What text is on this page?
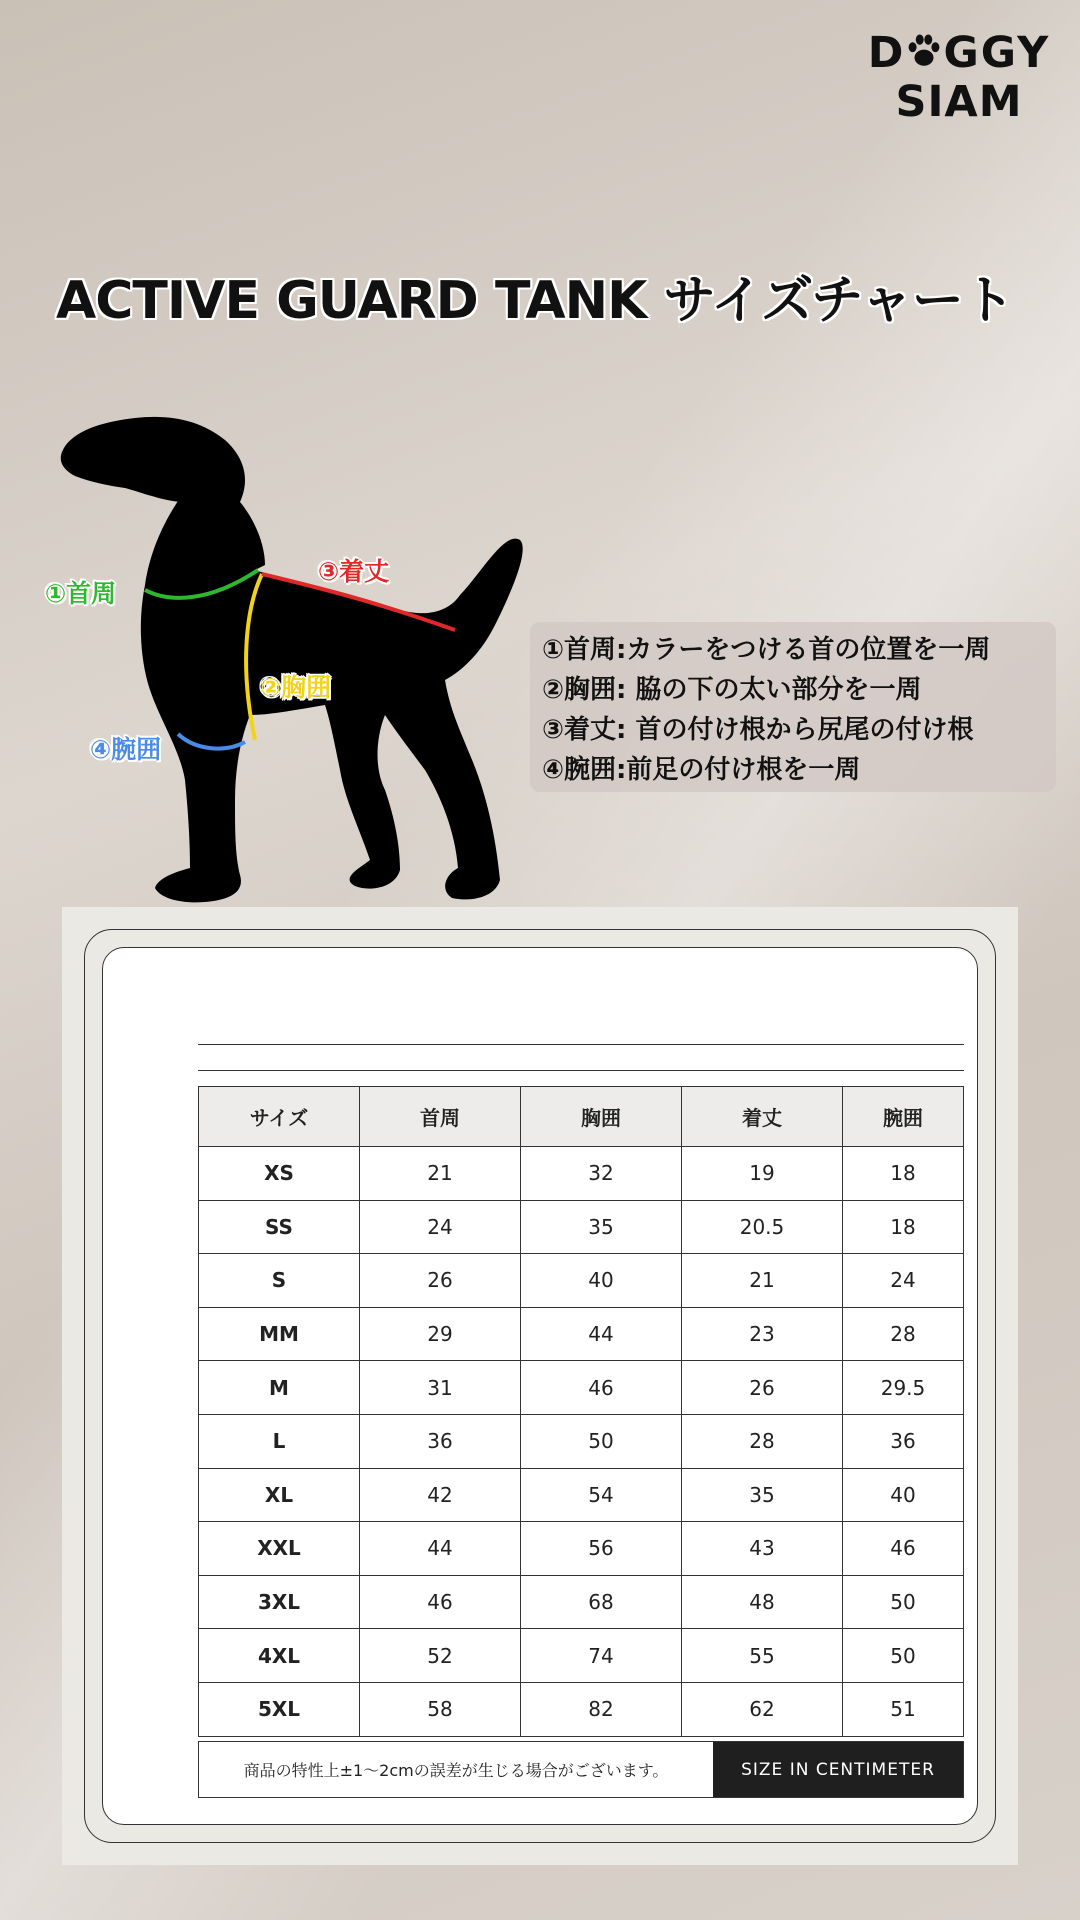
D GGY
SIAM
ACTIVE GUARD TANK サイズチャート
①首周
②胸囲
③着丈
④腕囲
①首周:カラーをつける首の位置を一周
②胸囲: 脇の下の太い部分を一周
③着丈: 首の付け根から尻尾の付け根
④腕囲:前足の付け根を一周
サイズ	首周	胸囲	着丈	腕囲
XS	21	32	19	18
SS	24	35	20.5	18
S	26	40	21	24
MM	29	44	23	28
M	31	46	26	29.5
L	36	50	28	36
XL	42	54	35	40
XXL	44	56	43	46
3XL	46	68	48	50
4XL	52	74	55	50
5XL	58	82	62	51
商品の特性上±1〜2cmの誤差が生じる場合がございます。	SIZE IN CENTIMETER
